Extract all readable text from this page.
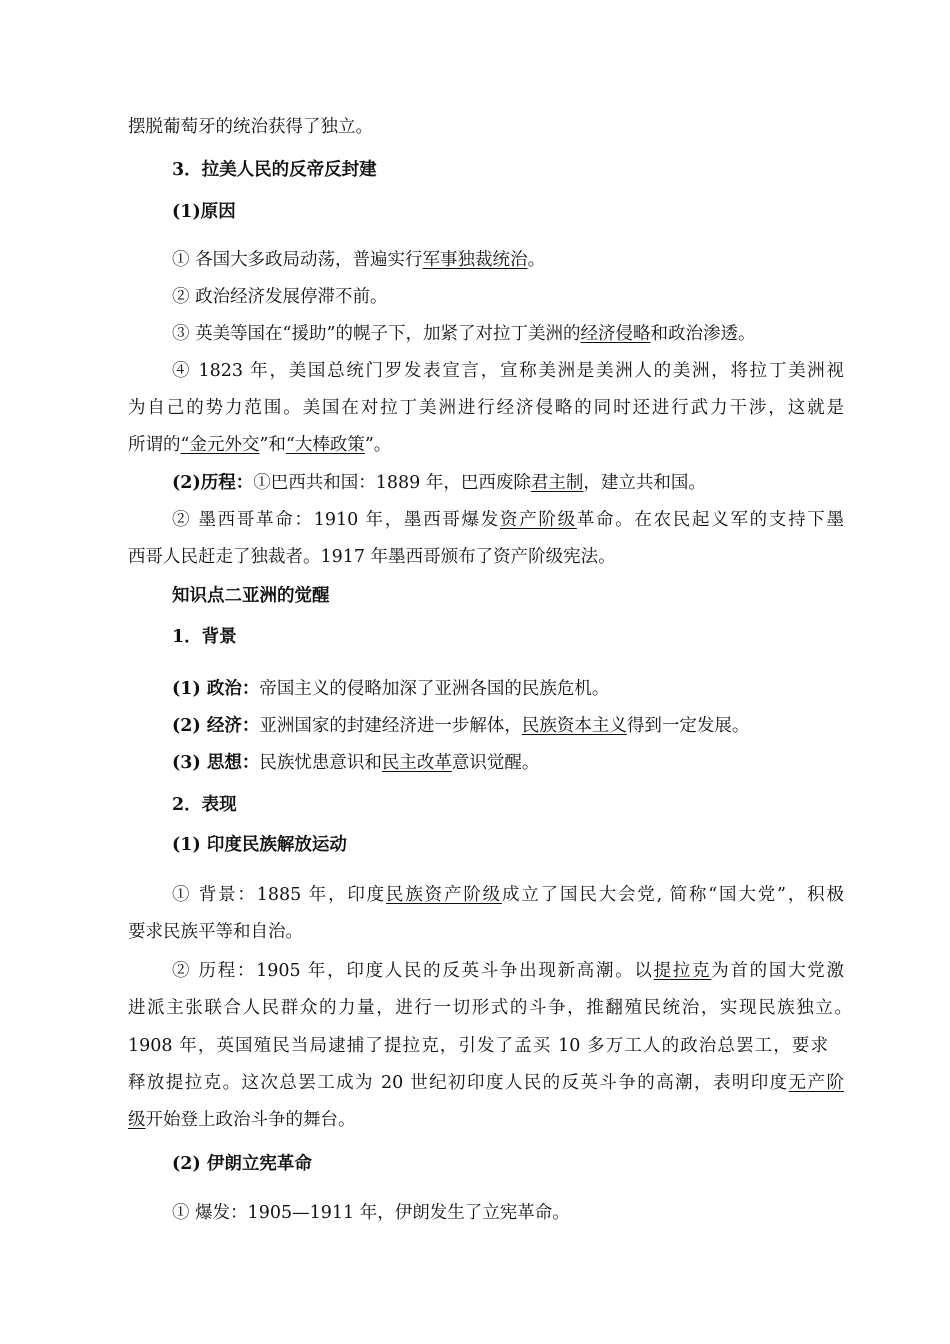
摆脱葡萄牙的统治获得了独立。
3．拉美人民的反帝反封建
(1)原因
① 各国大多政局动荡，普遍实行军事独裁统治。
② 政治经济发展停滞不前。
③ 英美等国在“援助”的幌子下，加紧了对拉丁美洲的经济侵略和政治渗透。
④ 1823 年，美国总统门罗发表宣言，宣称美洲是美洲人的美洲，将拉丁美洲视
为自己的势力范围。美国在对拉丁美洲进行经济侵略的同时还进行武力干涉，这就是
所谓的“金元外交”和“大棒政策”。
(2)历程：①巴西共和国：1889 年，巴西废除君主制，建立共和国。
② 墨西哥革命：1910 年，墨西哥爆发资产阶级革命。在农民起义军的支持下墨
西哥人民赶走了独裁者。1917 年墨西哥颁布了资产阶级宪法。
知识点二亚洲的觉醒
1．背景
(1) 政治：帝国主义的侵略加深了亚洲各国的民族危机。
(2) 经济：亚洲国家的封建经济进一步解体，民族资本主义得到一定发展。
(3) 思想：民族忧患意识和民主改革意识觉醒。
2．表现
(1) 印度民族解放运动
① 背景：1885 年，印度民族资产阶级成立了国民大会党, 简称“国大党”，积极
要求民族平等和自治。
② 历程：1905 年，印度人民的反英斗争出现新高潮。以提拉克为首的国大党激
进派主张联合人民群众的力量，进行一切形式的斗争，推翻殖民统治，实现民族独立。
1908 年，英国殖民当局逮捕了提拉克，引发了孟买 10 多万工人的政治总罢工，要求
释放提拉克。这次总罢工成为 20 世纪初印度人民的反英斗争的高潮，表明印度无产阶
级开始登上政治斗争的舞台。
(2) 伊朗立宪革命
① 爆发：1905—1911 年，伊朗发生了立宪革命。
